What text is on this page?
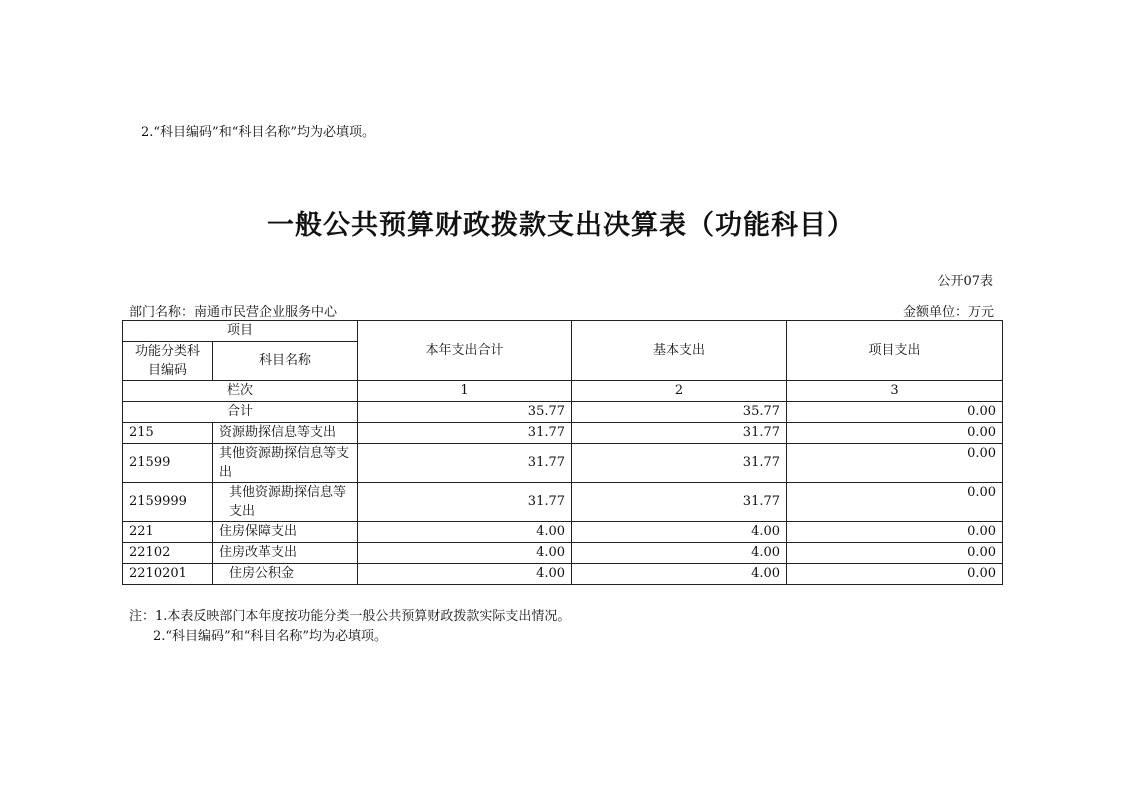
2.“科目编码”和“科目名称”均为必填项。
一般公共预算财政拨款支出决算表（功能科目）
公开07表
部门名称：南通市民营企业服务中心	金额单位：万元
项目		本年支出合计	基本支出	项目支出
功能分类科目编码	科目名称			
栏次		1	2	3
合计		35.77	35.77	0.00
215	资源勘探信息等支出	31.77	31.77	0.00
21599	其他资源勘探信息等支出	31.77	31.77	0.00
2159999	其他资源勘探信息等支出	31.77	31.77	0.00
221	住房保障支出	4.00	4.00	0.00
22102	住房改革支出	4.00	4.00	0.00
2210201	住房公积金	4.00	4.00	0.00
注：1.本表反映部门本年度按功能分类一般公共预算财政拨款实际支出情况。
2.“科目编码”和“科目名称”均为必填项。
